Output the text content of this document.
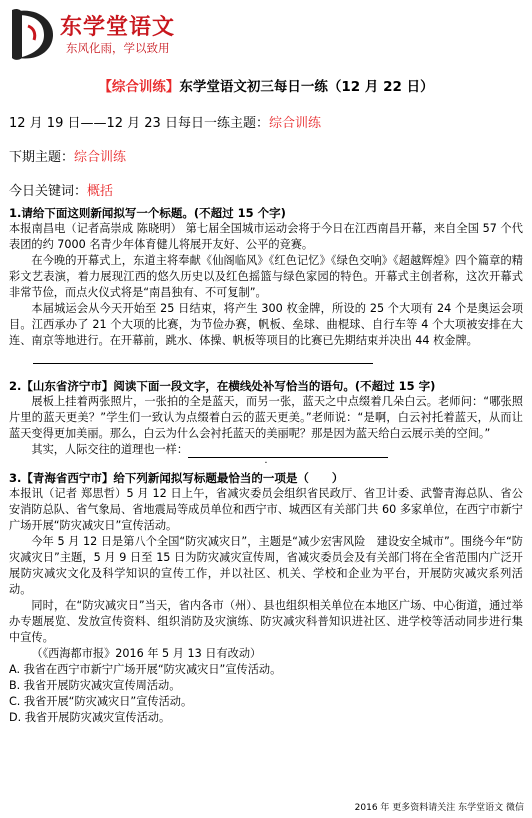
东学堂语文
东风化雨，学以致用
【综合训练】东学堂语文初三每日一练（12 月 22 日）
12 月 19 日——12 月 23 日每日一练主题：综合训练
下期主题：综合训练
今日关键词：概括

1.请给下面这则新闻拟写一个标题。(不超过 15 个字)

本报南昌电（记者高崇成 陈晓明） 第七届全国城市运动会将于今日在江西南昌开幕，来自全国 57 个代表团的约 7000 名青少年体育健儿将展开友好、公平的竞赛。

在今晚的开幕式上，东道主将奉献《仙阁临风》《红色记忆》《绿色交响》《超越辉煌》四个篇章的精彩文艺表演，着力展现江西的悠久历史以及红色摇篮与绿色家园的特色。开幕式主创者称，这次开幕式非常节俭，而点火仪式将是“南昌独有、不可复制”。

本届城运会从今天开始至 25 日结束，将产生 300 枚金牌，所设的 25 个大项有 24 个是奥运会项目。江西承办了 21 个大项的比赛，为节俭办赛，帆板、垒球、曲棍球、自行车等 4 个大项被安排在大连、南京等地进行。在开幕前，跳水、体操、帆板等项目的比赛已先期结束并决出 44 枚金牌。

2.【山东省济宁市】阅读下面一段文字，在横线处补写恰当的语句。(不超过 15 字)

展板上挂着两张照片，一张拍的全是蓝天，而另一张，蓝天之中点缀着几朵白云。老师问：“哪张照片里的蓝天更美？”学生们一致认为点缀着白云的蓝天更美。”老师说：“是啊，白云衬托着蓝天，从而让蓝天变得更加美丽。那么，白云为什么会衬托蓝天的美丽呢？那是因为蓝天给白云展示美的空间。”

其实，人际交往的道理也一样：

·

3.【青海省西宁市】给下列新闻拟写标题最恰当的一项是（　　）

本报讯（记者 郑思哲）5 月 12 日上午，省减灾委员会组织省民政厅、省卫计委、武警青海总队、省公安消防总队、省气象局、省地震局等成员单位和西宁市、城西区有关部门共 60 多家单位，在西宁市新宁广场开展“防灾减灾日”宣传活动。

今年 5 月 12 日是第八个全国“防灾减灾日”，主题是“减少宏害风险　建设安全城市”。围绕今年“防灾减灾日”主题，5 月 9 日至 15 日为防灾减灾宣传周，省减灾委员会及有关部门将在全省范围内广泛开展防灾减灾文化及科学知识的宣传工作，并以社区、机关、学校和企业为平台，开展防灾减灾系列活动。

同时，在“防灾减灾日”当天，省内各市（州）、县也组织相关单位在本地区广场、中心街道，通过举办专题展览、发放宣传资料、组织消防及灾演练、防灾减灾科普知识进社区、进学校等活动同步进行集中宣传。

（《西海都市报》2016 年 5 月 13 日有改动）

A. 我省在西宁市新宁广场开展“防灾减灾日”宣传活动。

B. 我省开展防灾减灾宣传周活动。

C. 我省开展“防灾减灾日”宣传活动。

D. 我省开展防灾减灾宣传活动。

2016 年 更多资料请关注 东学堂语文 微信
